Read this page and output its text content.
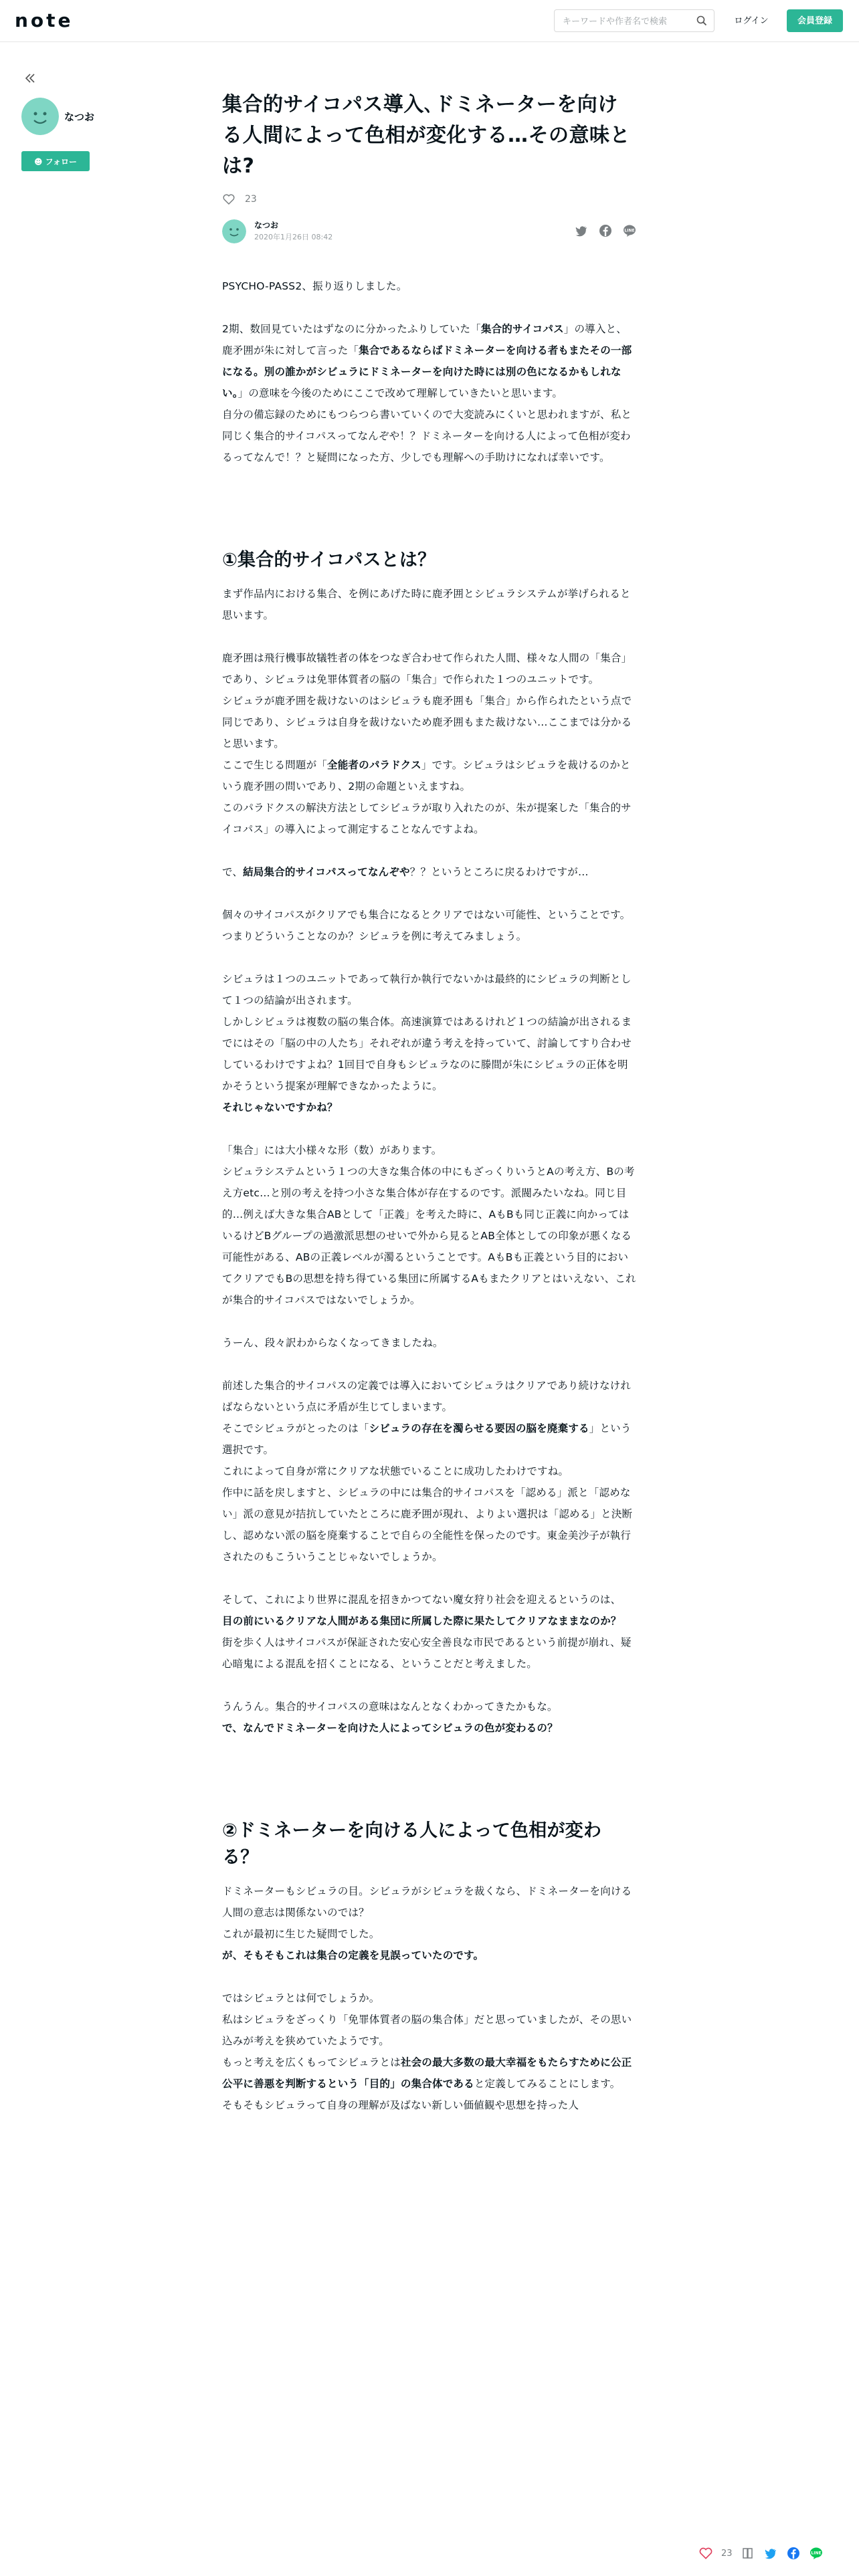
note
キーワードや作者名で検索	ログイン	会員登録
なつお
☻ フォロー
集合的サイコパス導入､ドミネーターを向ける人間によって色相が変化する…その意味とは?
23
なつお
2020年1月26日 08:42
LINE

PSYCHO-PASS2、振り返りしました。

2期、数回見ていたはずなのに分かったふりしていた「集合的サイコパス」の導入と、鹿矛囲が朱に対して言った「集合であるならばドミネーターを向ける者もまたその一部になる。別の誰かがシビュラにドミネーターを向けた時には別の色になるかもしれない。」の意味を今後のためにここで改めて理解していきたいと思います。

自分の備忘録のためにもつらつら書いていくので大変読みにくいと思われますが、私と同じく集合的サイコパスってなんぞや！？ドミネーターを向ける人によって色相が変わるってなんで！？と疑問になった方、少しでも理解への手助けになれば幸いです。

①集合的サイコパスとは？

まず作品内における集合、を例にあげた時に鹿矛囲とシビュラシステムが挙げられると思います。

鹿矛囲は飛行機事故犠牲者の体をつなぎ合わせて作られた人間、様々な人間の「集合」であり、シビュラは免罪体質者の脳の「集合」で作られた１つのユニットです。

シビュラが鹿矛囲を裁けないのはシビュラも鹿矛囲も「集合」から作られたという点で同じであり、シビュラは自身を裁けないため鹿矛囲もまた裁けない…ここまでは分かると思います。

ここで生じる問題が「全能者のパラドクス」です。シビュラはシビュラを裁けるのかという鹿矛囲の問いであり、2期の命題といえますね。

このパラドクスの解決方法としてシビュラが取り入れたのが、朱が提案した「集合的サイコパス」の導入によって測定することなんですよね。

で、結局集合的サイコパスってなんぞや？？というところに戻るわけですが…

個々のサイコパスがクリアでも集合になるとクリアではない可能性、ということです。

つまりどういうことなのか？シビュラを例に考えてみましょう。

シビュラは１つのユニットであって執行か執行でないかは最終的にシビュラの判断として１つの結論が出されます。

しかしシビュラは複数の脳の集合体。高速演算ではあるけれど１つの結論が出されるまでにはその「脳の中の人たち」それぞれが違う考えを持っていて、討論してすり合わせしているわけですよね？1回目で自身もシビュラなのに滕間が朱にシビュラの正体を明かそうという提案が理解できなかったように。

それじゃないですかね？

「集合」には大小様々な形（数）があります。

シビュラシステムという１つの大きな集合体の中にもざっくりいうとAの考え方、Bの考え方etc…と別の考えを持つ小さな集合体が存在するのです。派閥みたいなね。同じ目的…例えば大きな集合ABとして「正義」を考えた時に、AもBも同じ正義に向かってはいるけどBグループの過激派思想のせいで外から見るとAB全体としての印象が悪くなる可能性がある、ABの正義レベルが濁るということです。AもBも正義という目的においてクリアでもBの思想を持ち得ている集団に所属するAもまたクリアとはいえない、これが集合的サイコパスではないでしょうか。

うーん、段々訳わからなくなってきましたね。

前述した集合的サイコパスの定義では導入においてシビュラはクリアであり続けなければならないという点に矛盾が生じてしまいます。

そこでシビュラがとったのは「シビュラの存在を濁らせる要因の脳を廃棄する」という選択です。

これによって自身が常にクリアな状態でいることに成功したわけですね。

作中に話を戻しますと、シビュラの中には集合的サイコパスを「認める」派と「認めない」派の意見が拮抗していたところに鹿矛囲が現れ、よりよい選択は「認める」と決断し、認めない派の脳を廃棄することで自らの全能性を保ったのです。東金美沙子が執行されたのもこういうことじゃないでしょうか。

そして、これにより世界に混乱を招きかつてない魔女狩り社会を迎えるというのは、

目の前にいるクリアな人間がある集団に所属した際に果たしてクリアなままなのか？

街を歩く人はサイコパスが保証された安心安全善良な市民であるという前提が崩れ、疑心暗鬼による混乱を招くことになる、ということだと考えました。

うんうん。集合的サイコパスの意味はなんとなくわかってきたかもな。

で、なんでドミネーターを向けた人によってシビュラの色が変わるの？

②ドミネーターを向ける人によって色相が変わる？

ドミネーターもシビュラの目。シビュラがシビュラを裁くなら、ドミネーターを向ける人間の意志は関係ないのでは？

これが最初に生じた疑問でした。

が、そもそもこれは集合の定義を見誤っていたのです。

ではシビュラとは何でしょうか。

私はシビュラをざっくり「免罪体質者の脳の集合体」だと思っていましたが、その思い込みが考えを狭めていたようです。

もっと考えを広くもってシビュラとは社会の最大多数の最大幸福をもたらすために公正公平に善悪を判断するという「目的」の集合体であると定義してみることにします。

そもそもシビュラって自身の理解が及ばない新しい価値観や思想を持った人

23	LINE
